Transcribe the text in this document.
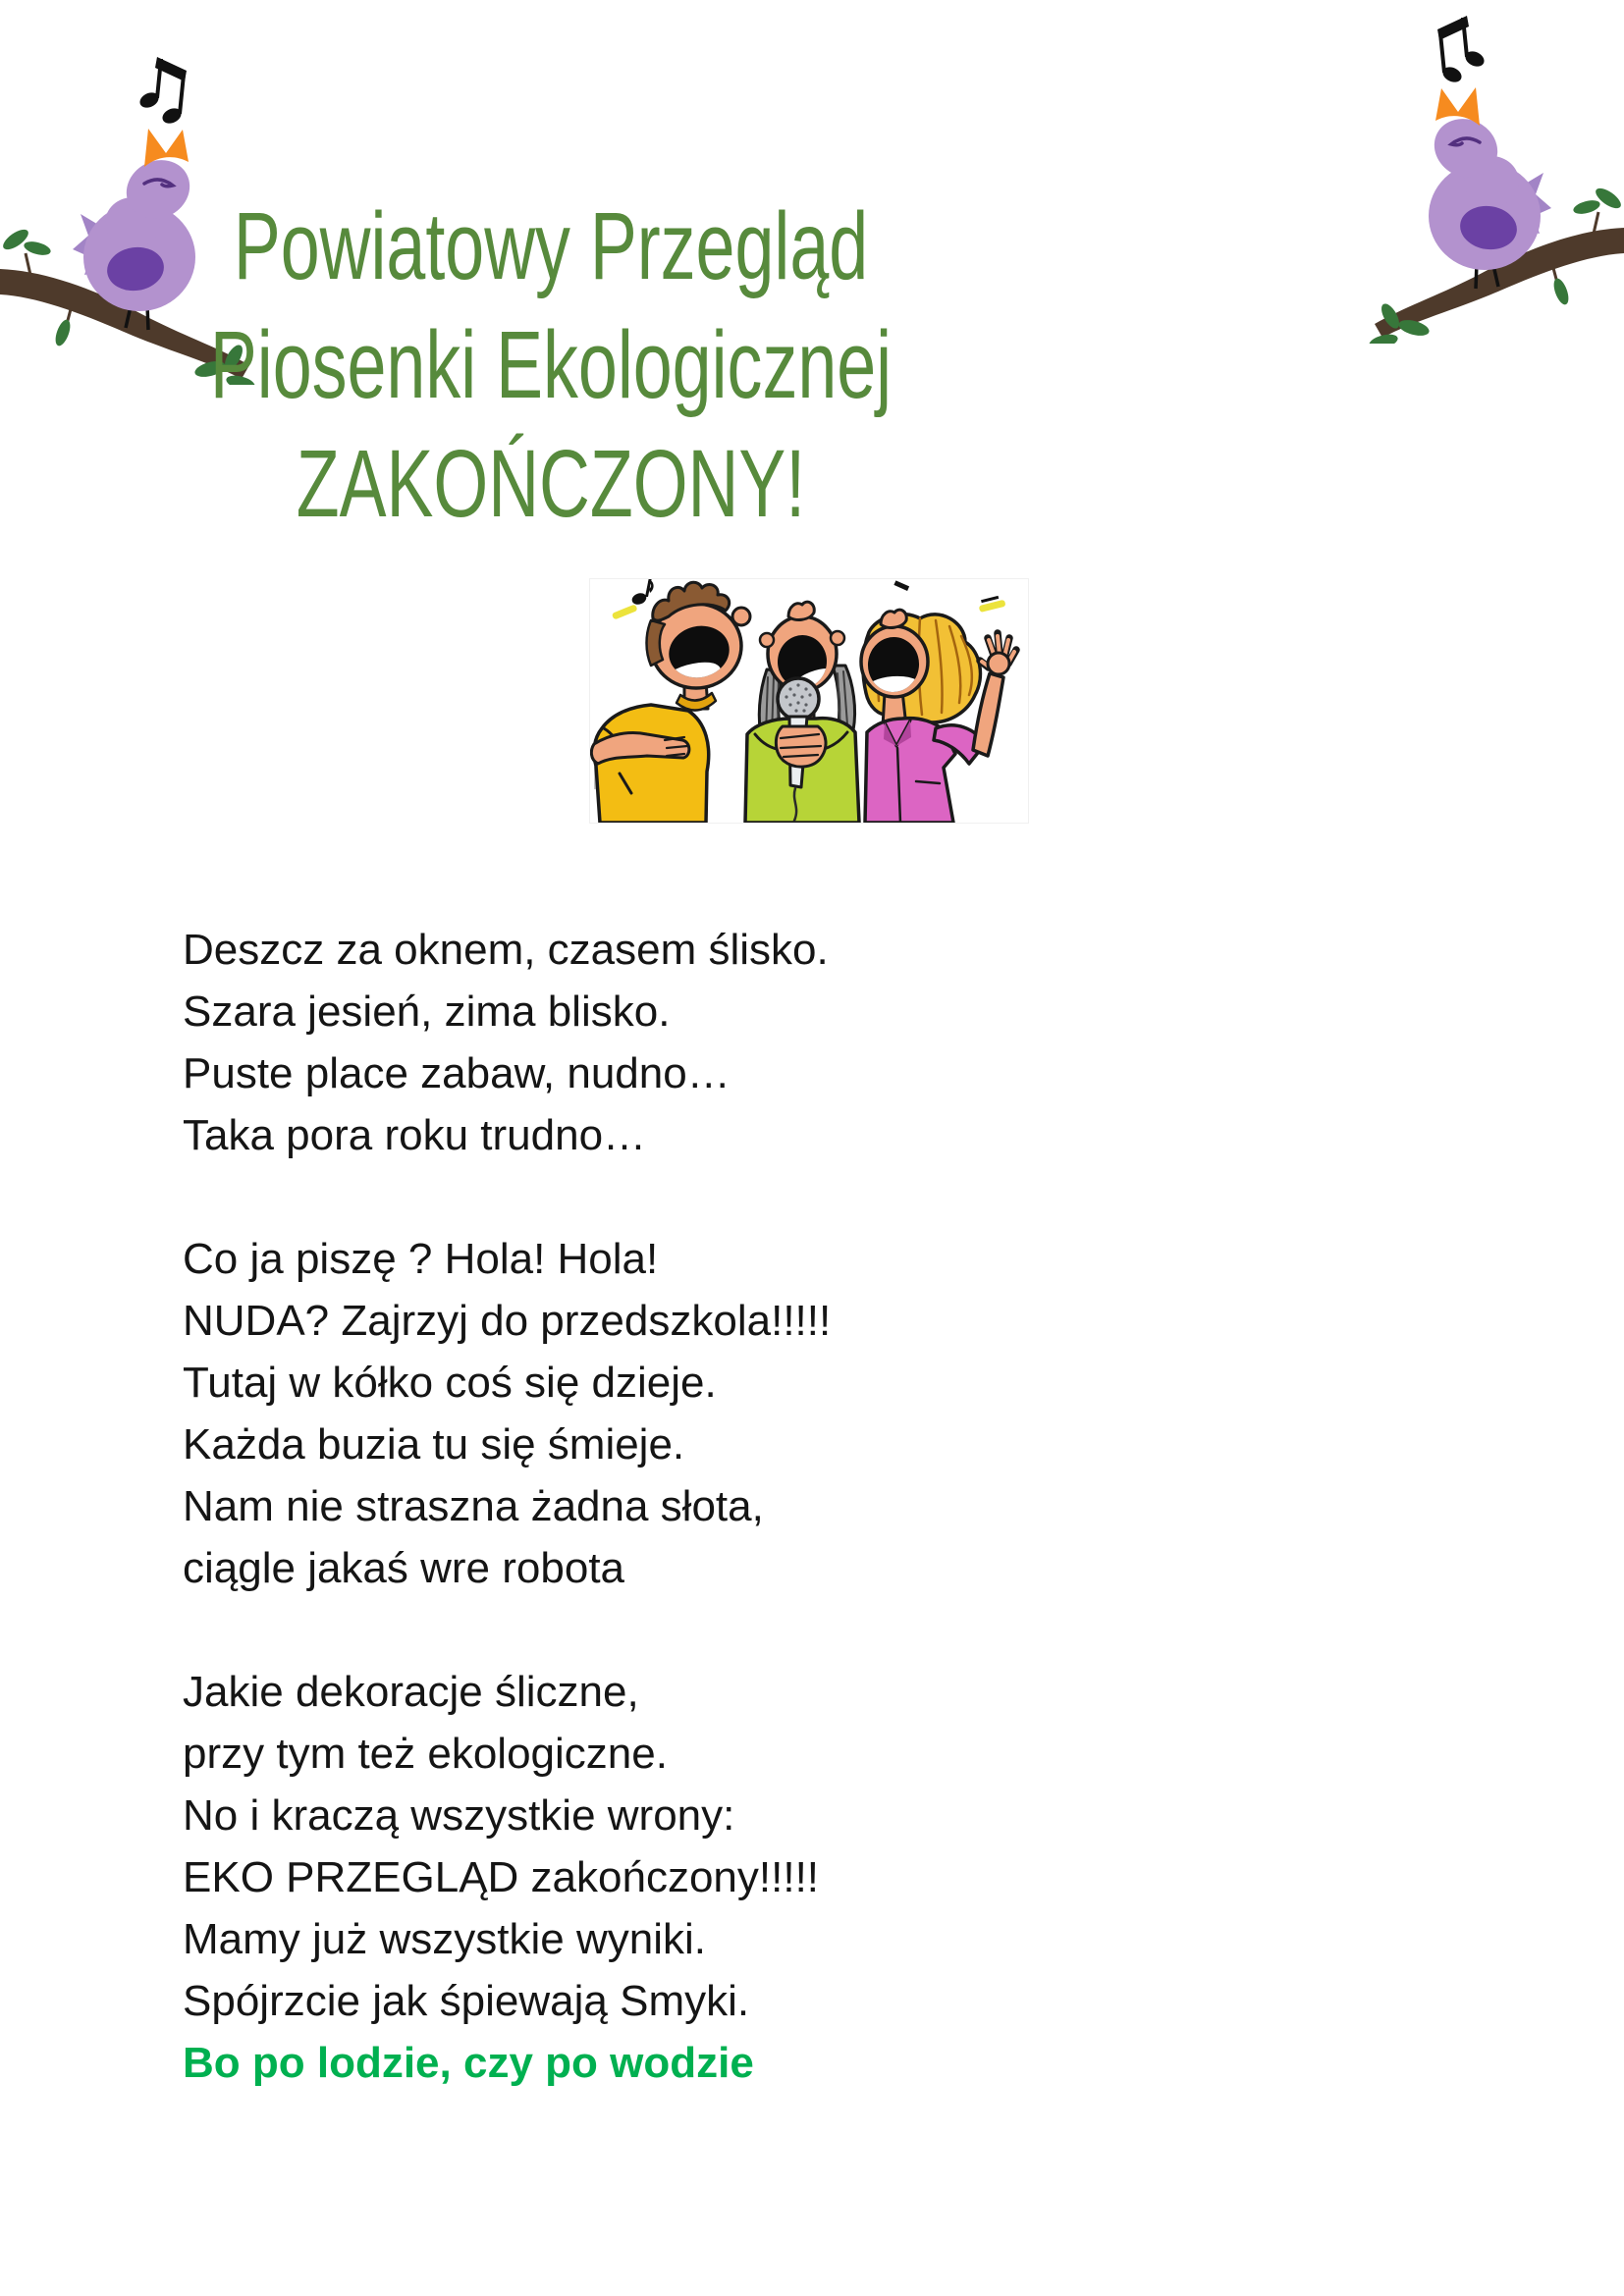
Powiatowy Przegląd
Piosenki Ekologicznej
ZAKOŃCZONY!
Deszcz za oknem, czasem ślisko.
Szara jesień, zima blisko.
Puste place zabaw, nudno…
Taka pora roku trudno…
Co ja piszę ? Hola! Hola!
NUDA? Zajrzyj do przedszkola!!!!!
Tutaj w kółko coś się dzieje.
Każda buzia tu się śmieje.
Nam nie straszna żadna słota,
ciągle jakaś wre robota
Jakie dekoracje śliczne,
przy tym też ekologiczne.
No i kraczą wszystkie wrony:
EKO PRZEGLĄD zakończony!!!!!
Mamy już wszystkie wyniki.
Spójrzcie jak śpiewają Smyki.
Bo po lodzie, czy po wodzie
